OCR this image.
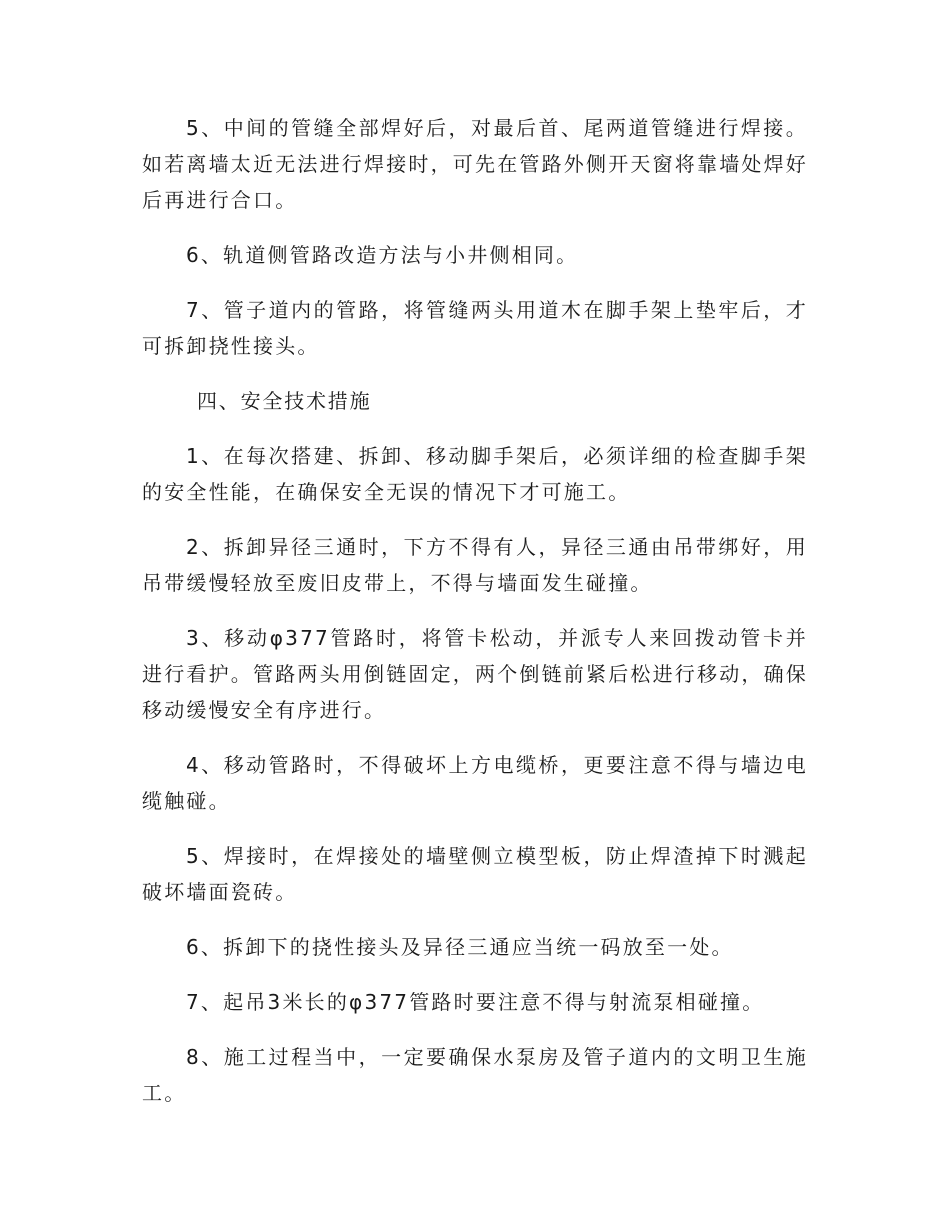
5、中间的管缝全部焊好后，对最后首、尾两道管缝进行焊接。如若离墙太近无法进行焊接时，可先在管路外侧开天窗将靠墙处焊好后再进行合口。

6、轨道侧管路改造方法与小井侧相同。

7、管子道内的管路，将管缝两头用道木在脚手架上垫牢后，才可拆卸挠性接头。

四、安全技术措施

1、在每次搭建、拆卸、移动脚手架后，必须详细的检查脚手架的安全性能，在确保安全无误的情况下才可施工。

2、拆卸异径三通时，下方不得有人，异径三通由吊带绑好，用吊带缓慢轻放至废旧皮带上，不得与墙面发生碰撞。

3、移动φ377管路时，将管卡松动，并派专人来回拨动管卡并进行看护。管路两头用倒链固定，两个倒链前紧后松进行移动，确保移动缓慢安全有序进行。

4、移动管路时，不得破坏上方电缆桥，更要注意不得与墙边电缆触碰。

5、焊接时，在焊接处的墙壁侧立模型板，防止焊渣掉下时溅起破坏墙面瓷砖。

6、拆卸下的挠性接头及异径三通应当统一码放至一处。

7、起吊3米长的φ377管路时要注意不得与射流泵相碰撞。

8、施工过程当中，一定要确保水泵房及管子道内的文明卫生施工。
